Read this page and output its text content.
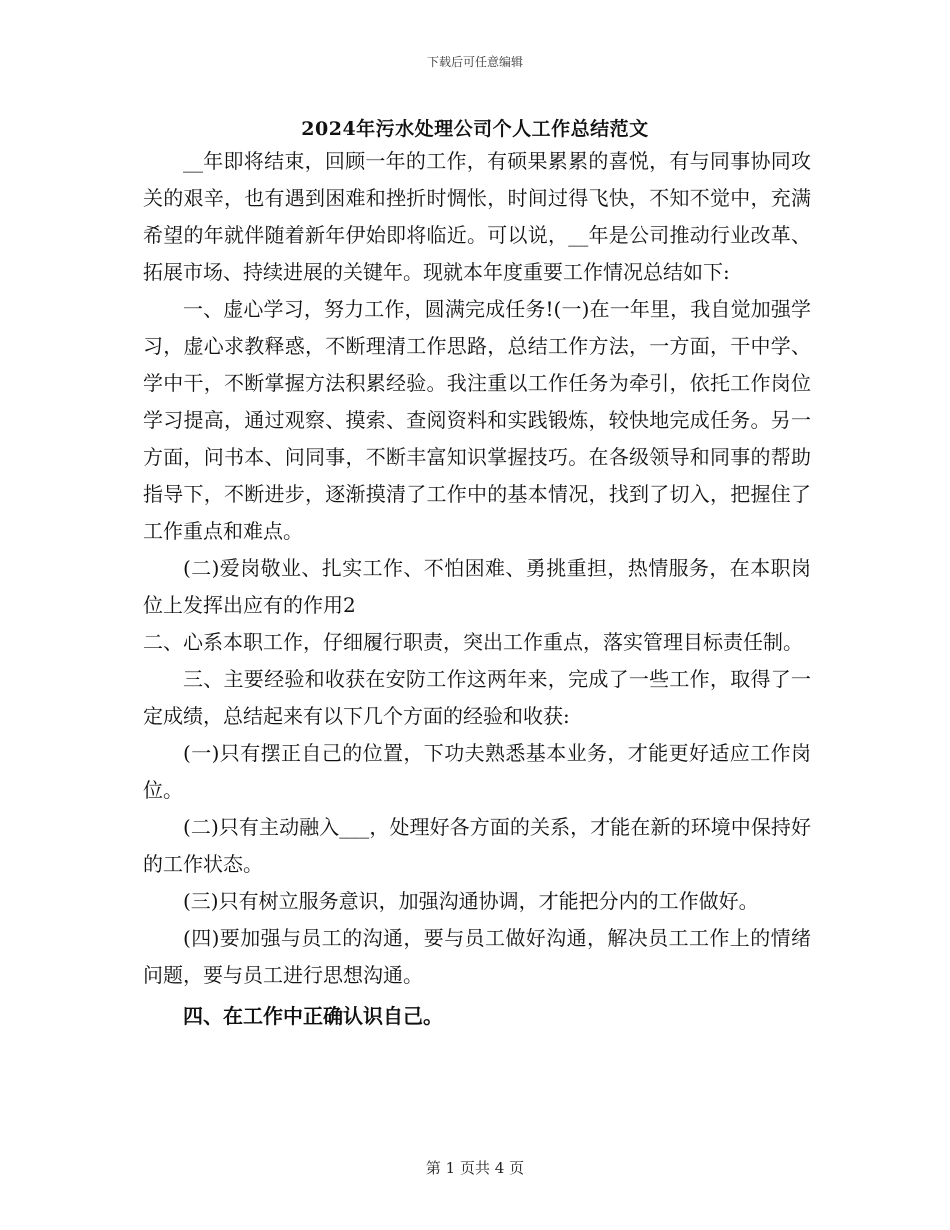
下载后可任意编辑
2024年污水处理公司个人工作总结范文

__年即将结束，回顾一年的工作，有硕果累累的喜悦，有与同事协同攻关的艰辛，也有遇到困难和挫折时惆怅，时间过得飞快，不知不觉中，充满希望的年就伴随着新年伊始即将临近。可以说，__年是公司推动行业改革、拓展市场、持续进展的关键年。现就本年度重要工作情况总结如下:

一、虚心学习，努力工作，圆满完成任务!(一)在一年里，我自觉加强学习，虚心求教释惑，不断理清工作思路，总结工作方法，一方面，干中学、学中干，不断掌握方法积累经验。我注重以工作任务为牵引，依托工作岗位学习提高，通过观察、摸索、查阅资料和实践锻炼，较快地完成任务。另一方面，问书本、问同事，不断丰富知识掌握技巧。在各级领导和同事的帮助指导下，不断进步，逐渐摸清了工作中的基本情况，找到了切入，把握住了工作重点和难点。

(二)爱岗敬业、扎实工作、不怕困难、勇挑重担，热情服务，在本职岗位上发挥出应有的作用2

二、心系本职工作，仔细履行职责，突出工作重点，落实管理目标责任制。

三、主要经验和收获在安防工作这两年来，完成了一些工作，取得了一定成绩，总结起来有以下几个方面的经验和收获:

(一)只有摆正自己的位置，下功夫熟悉基本业务，才能更好适应工作岗位。

(二)只有主动融入___，处理好各方面的关系，才能在新的环境中保持好的工作状态。

(三)只有树立服务意识，加强沟通协调，才能把分内的工作做好。

(四)要加强与员工的沟通，要与员工做好沟通，解决员工工作上的情绪问题，要与员工进行思想沟通。

四、在工作中正确认识自己。

第 1 页共 4 页
